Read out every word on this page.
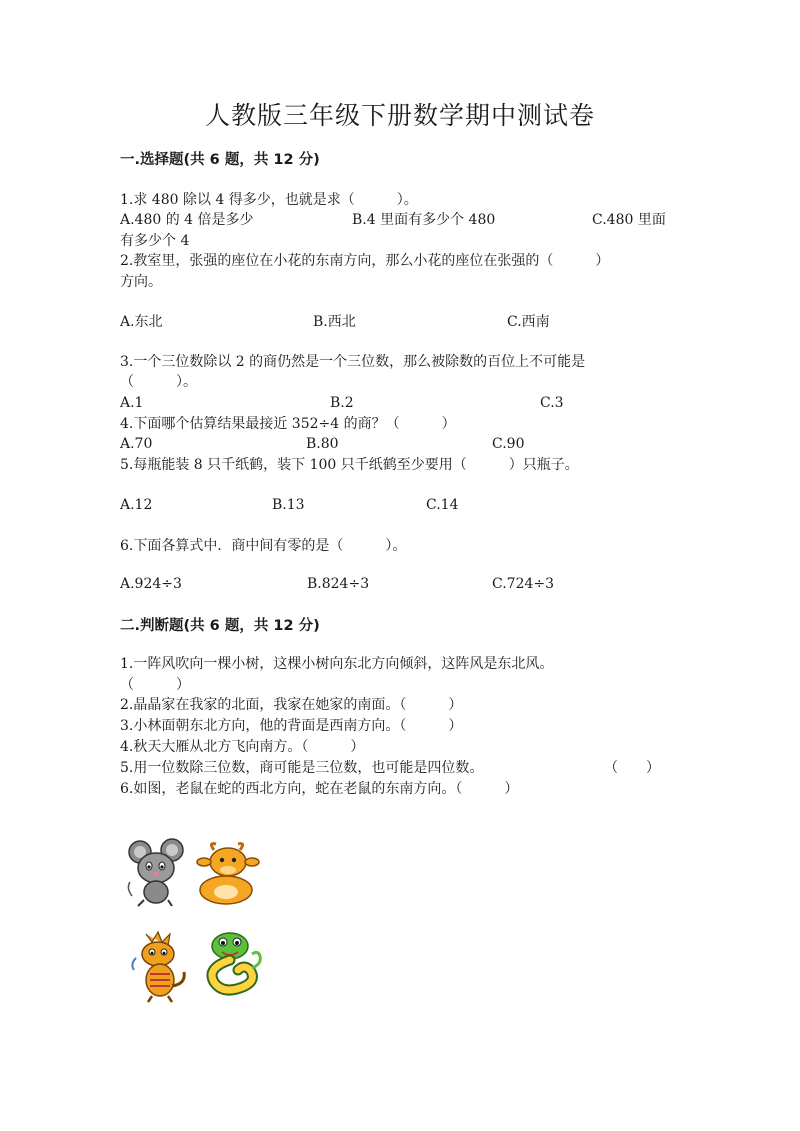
人教版三年级下册数学期中测试卷
一.选择题(共 6 题，共 12 分)
1.求 480 除以 4 得多少，也就是求（　　　）。
A.480 的 4 倍是多少	B.4 里面有多少个 480	C.480 里面
有多少个 4
2.教室里，张强的座位在小花的东南方向，那么小花的座位在张强的（　　　）
方向。
A.东北	B.西北	C.西南
3.一个三位数除以 2 的商仍然是一个三位数，那么被除数的百位上不可能是
（　　　）。
A.1	B.2	C.3
4.下面哪个估算结果最接近 352÷4 的商？（　　　）
A.70	B.80	C.90
5.每瓶能装 8 只千纸鹤，装下 100 只千纸鹤至少要用（　　　）只瓶子。
A.12	B.13	C.14
6.下面各算式中．商中间有零的是（　　　）。
A.924÷3	B.824÷3	C.724÷3
二.判断题(共 6 题，共 12 分)
1.一阵风吹向一棵小树，这棵小树向东北方向倾斜，这阵风是东北风。
（　　　）
2.晶晶家在我家的北面，我家在她家的南面。（　　　）
3.小林面朝东北方向，他的背面是西南方向。（　　　）
4.秋天大雁从北方飞向南方。（　　　）
5.用一位数除三位数，商可能是三位数，也可能是四位数。	（　　）
6.如图，老鼠在蛇的西北方向，蛇在老鼠的东南方向。（　　　）
